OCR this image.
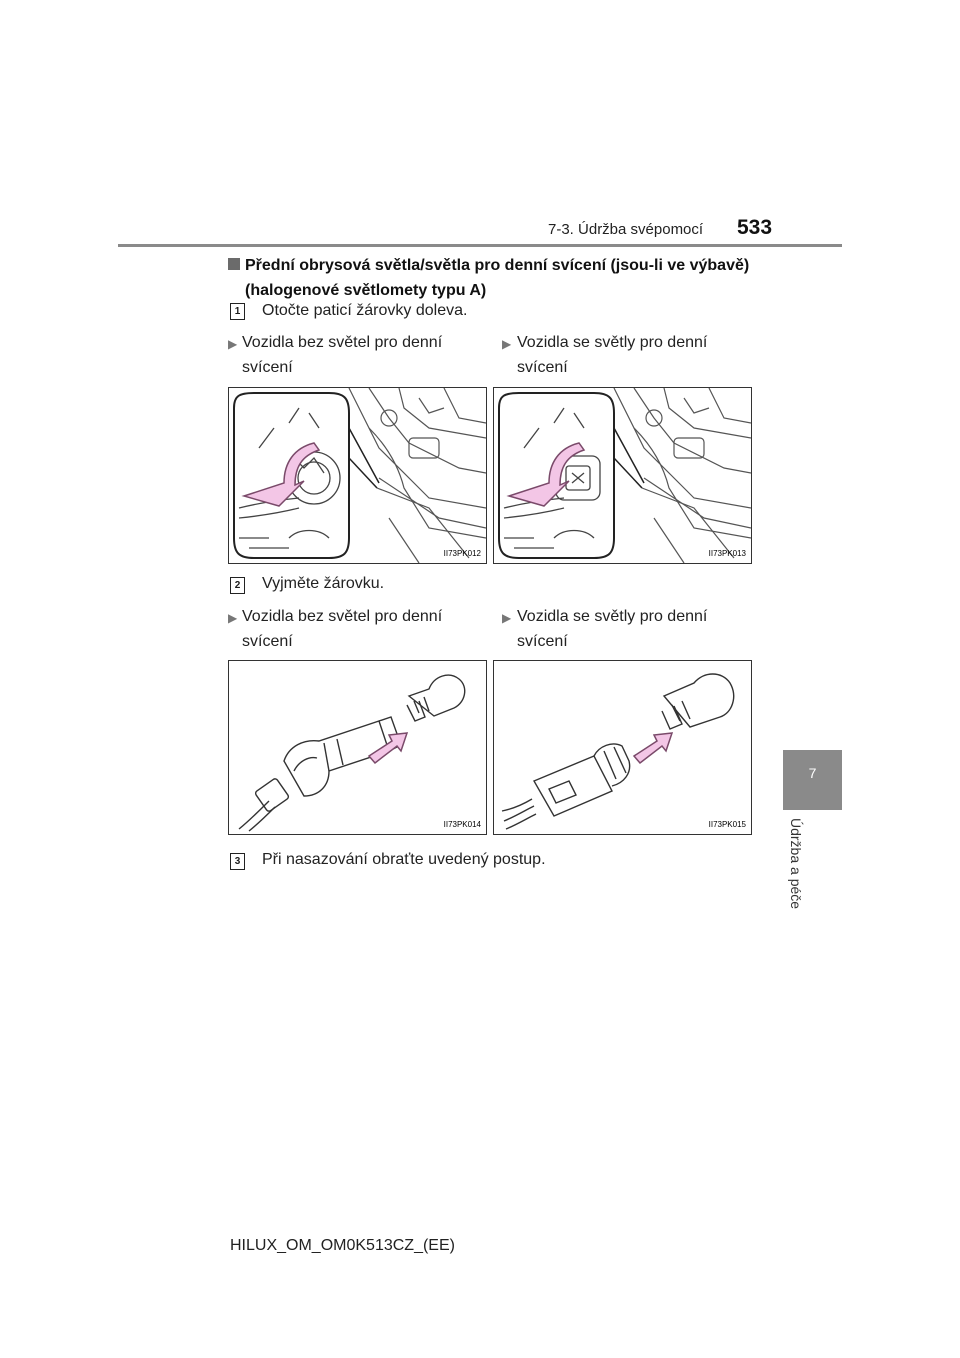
7-3. Údržba svépomocí 533
7
Údržba a péče
Přední obrysová světla/světla pro denní svícení (jsou-li ve výbavě) (halogenové světlomety typu A)
1 Otočte paticí žárovky doleva.
▶ Vozidla bez světel pro denní svícení
▶ Vozidla se světly pro denní svícení
II73PK012	II73PK013
2 Vyjměte žárovku.
▶ Vozidla bez světel pro denní svícení
▶ Vozidla se světly pro denní svícení
II73PK014	II73PK015
3 Při nasazování obraťte uvedený postup.
HILUX_OM_OM0K513CZ_(EE)
